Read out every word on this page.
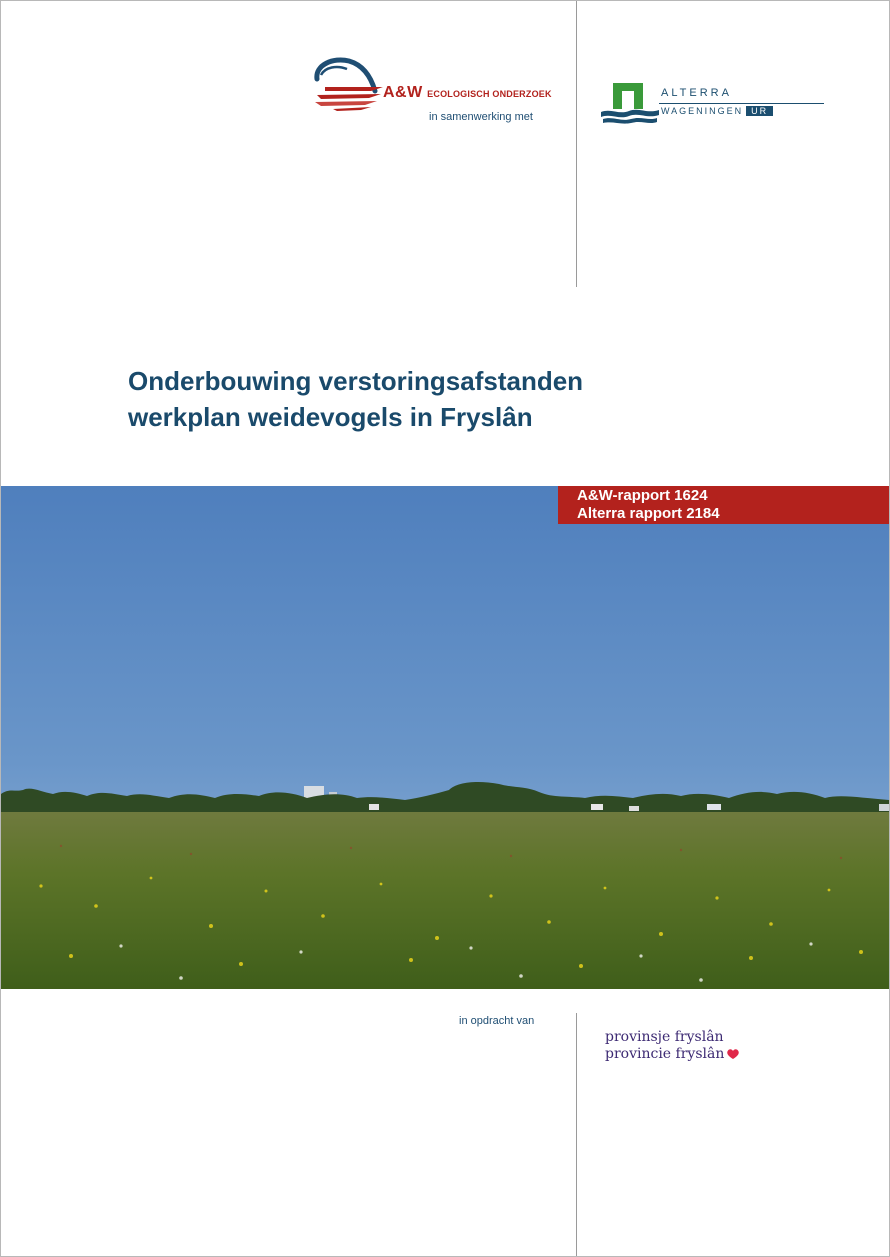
A&W ECOLOGISCH ONDERZOEK
in samenwerking met
ALTERRA
WAGENINGEN UR
Onderbouwing verstoringsafstanden
werkplan weidevogels in Fryslân
A&W-rapport 1624
Alterra rapport 2184
in opdracht van
provinsje fryslân
provincie fryslân
